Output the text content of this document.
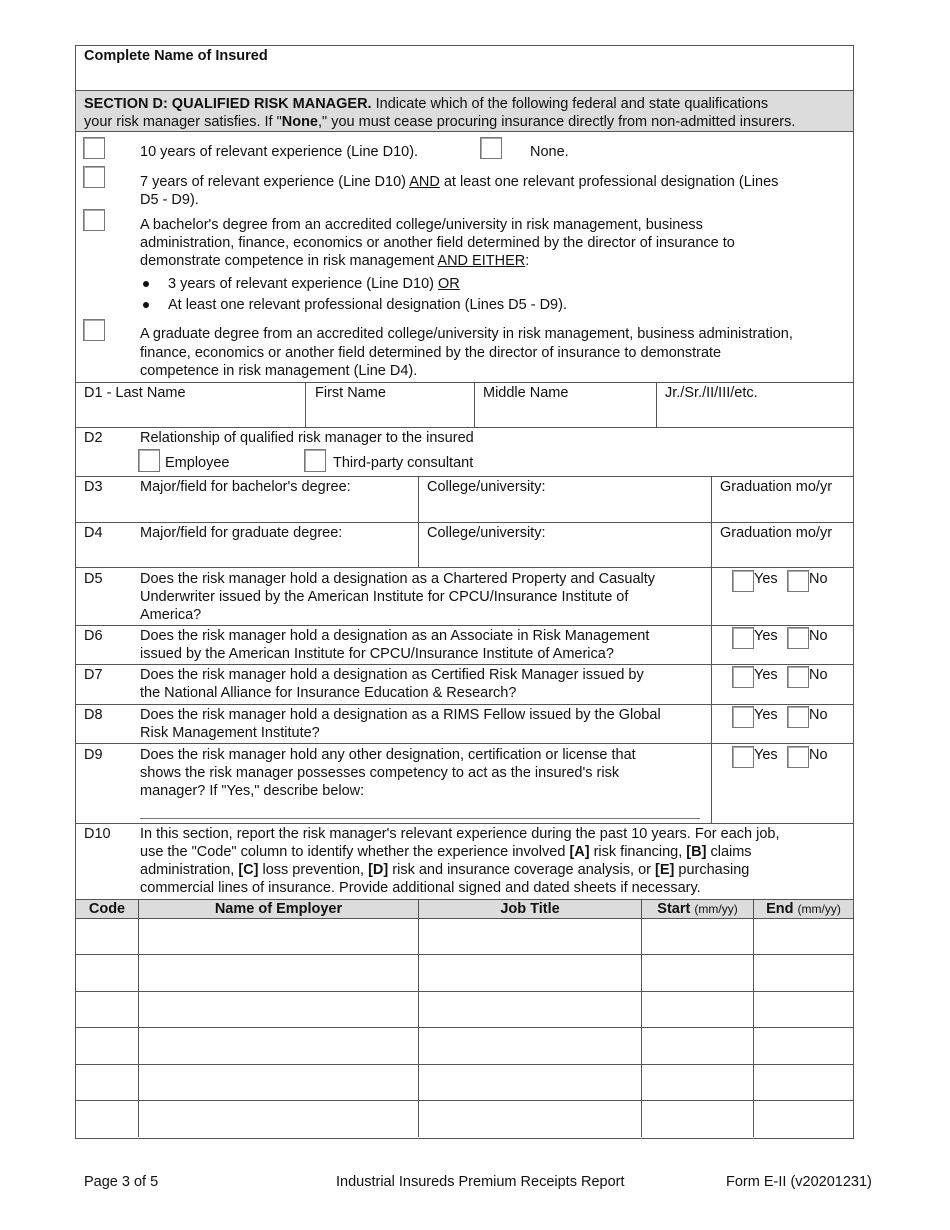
Complete Name of Insured
SECTION D: QUALIFIED RISK MANAGER. Indicate which of the following federal and state qualifications
your risk manager satisfies. If "None," you must cease procuring insurance directly from non-admitted insurers.
10 years of relevant experience (Line D10).	None.
7 years of relevant experience (Line D10) AND at least one relevant professional designation (Lines
D5 - D9).
A bachelor's degree from an accredited college/university in risk management, business
administration, finance, economics or another field determined by the director of insurance to
demonstrate competence in risk management AND EITHER:
3 years of relevant experience (Line D10) OR
At least one relevant professional designation (Lines D5 - D9).
A graduate degree from an accredited college/university in risk management, business administration,
finance, economics or another field determined by the director of insurance to demonstrate
competence in risk management (Line D4).
D1 - Last Name	First Name	Middle Name	Jr./Sr./II/III/etc.
D2	Relationship of qualified risk manager to the insured
Employee	Third-party consultant
D3	Major/field for bachelor's degree:	College/university:	Graduation mo/yr
D4	Major/field for graduate degree:	College/university:	Graduation mo/yr
D5	Does the risk manager hold a designation as a Chartered Property and Casualty
Underwriter issued by the American Institute for CPCU/Insurance Institute of
America?
Yes No
D6	Does the risk manager hold a designation as an Associate in Risk Management
issued by the American Institute for CPCU/Insurance Institute of America?
Yes No
D7	Does the risk manager hold a designation as Certified Risk Manager issued by
the National Alliance for Insurance Education & Research?
Yes No
D8	Does the risk manager hold a designation as a RIMS Fellow issued by the Global
Risk Management Institute?
Yes No
D9	Does the risk manager hold any other designation, certification or license that
shows the risk manager possesses competency to act as the insured's risk
manager? If "Yes," describe below:
Yes No
D10 In this section, report the risk manager's relevant experience during the past 10 years. For each job,
use the "Code" column to identify whether the experience involved [A] risk financing, [B] claims
administration, [C] loss prevention, [D] risk and insurance coverage analysis, or [E] purchasing
commercial lines of insurance. Provide additional signed and dated sheets if necessary.
Code	Name of Employer	Job Title	Start (mm/yy)	End (mm/yy)
Page 3 of 5	Industrial Insureds Premium Receipts Report	Form E-II (v20201231)
